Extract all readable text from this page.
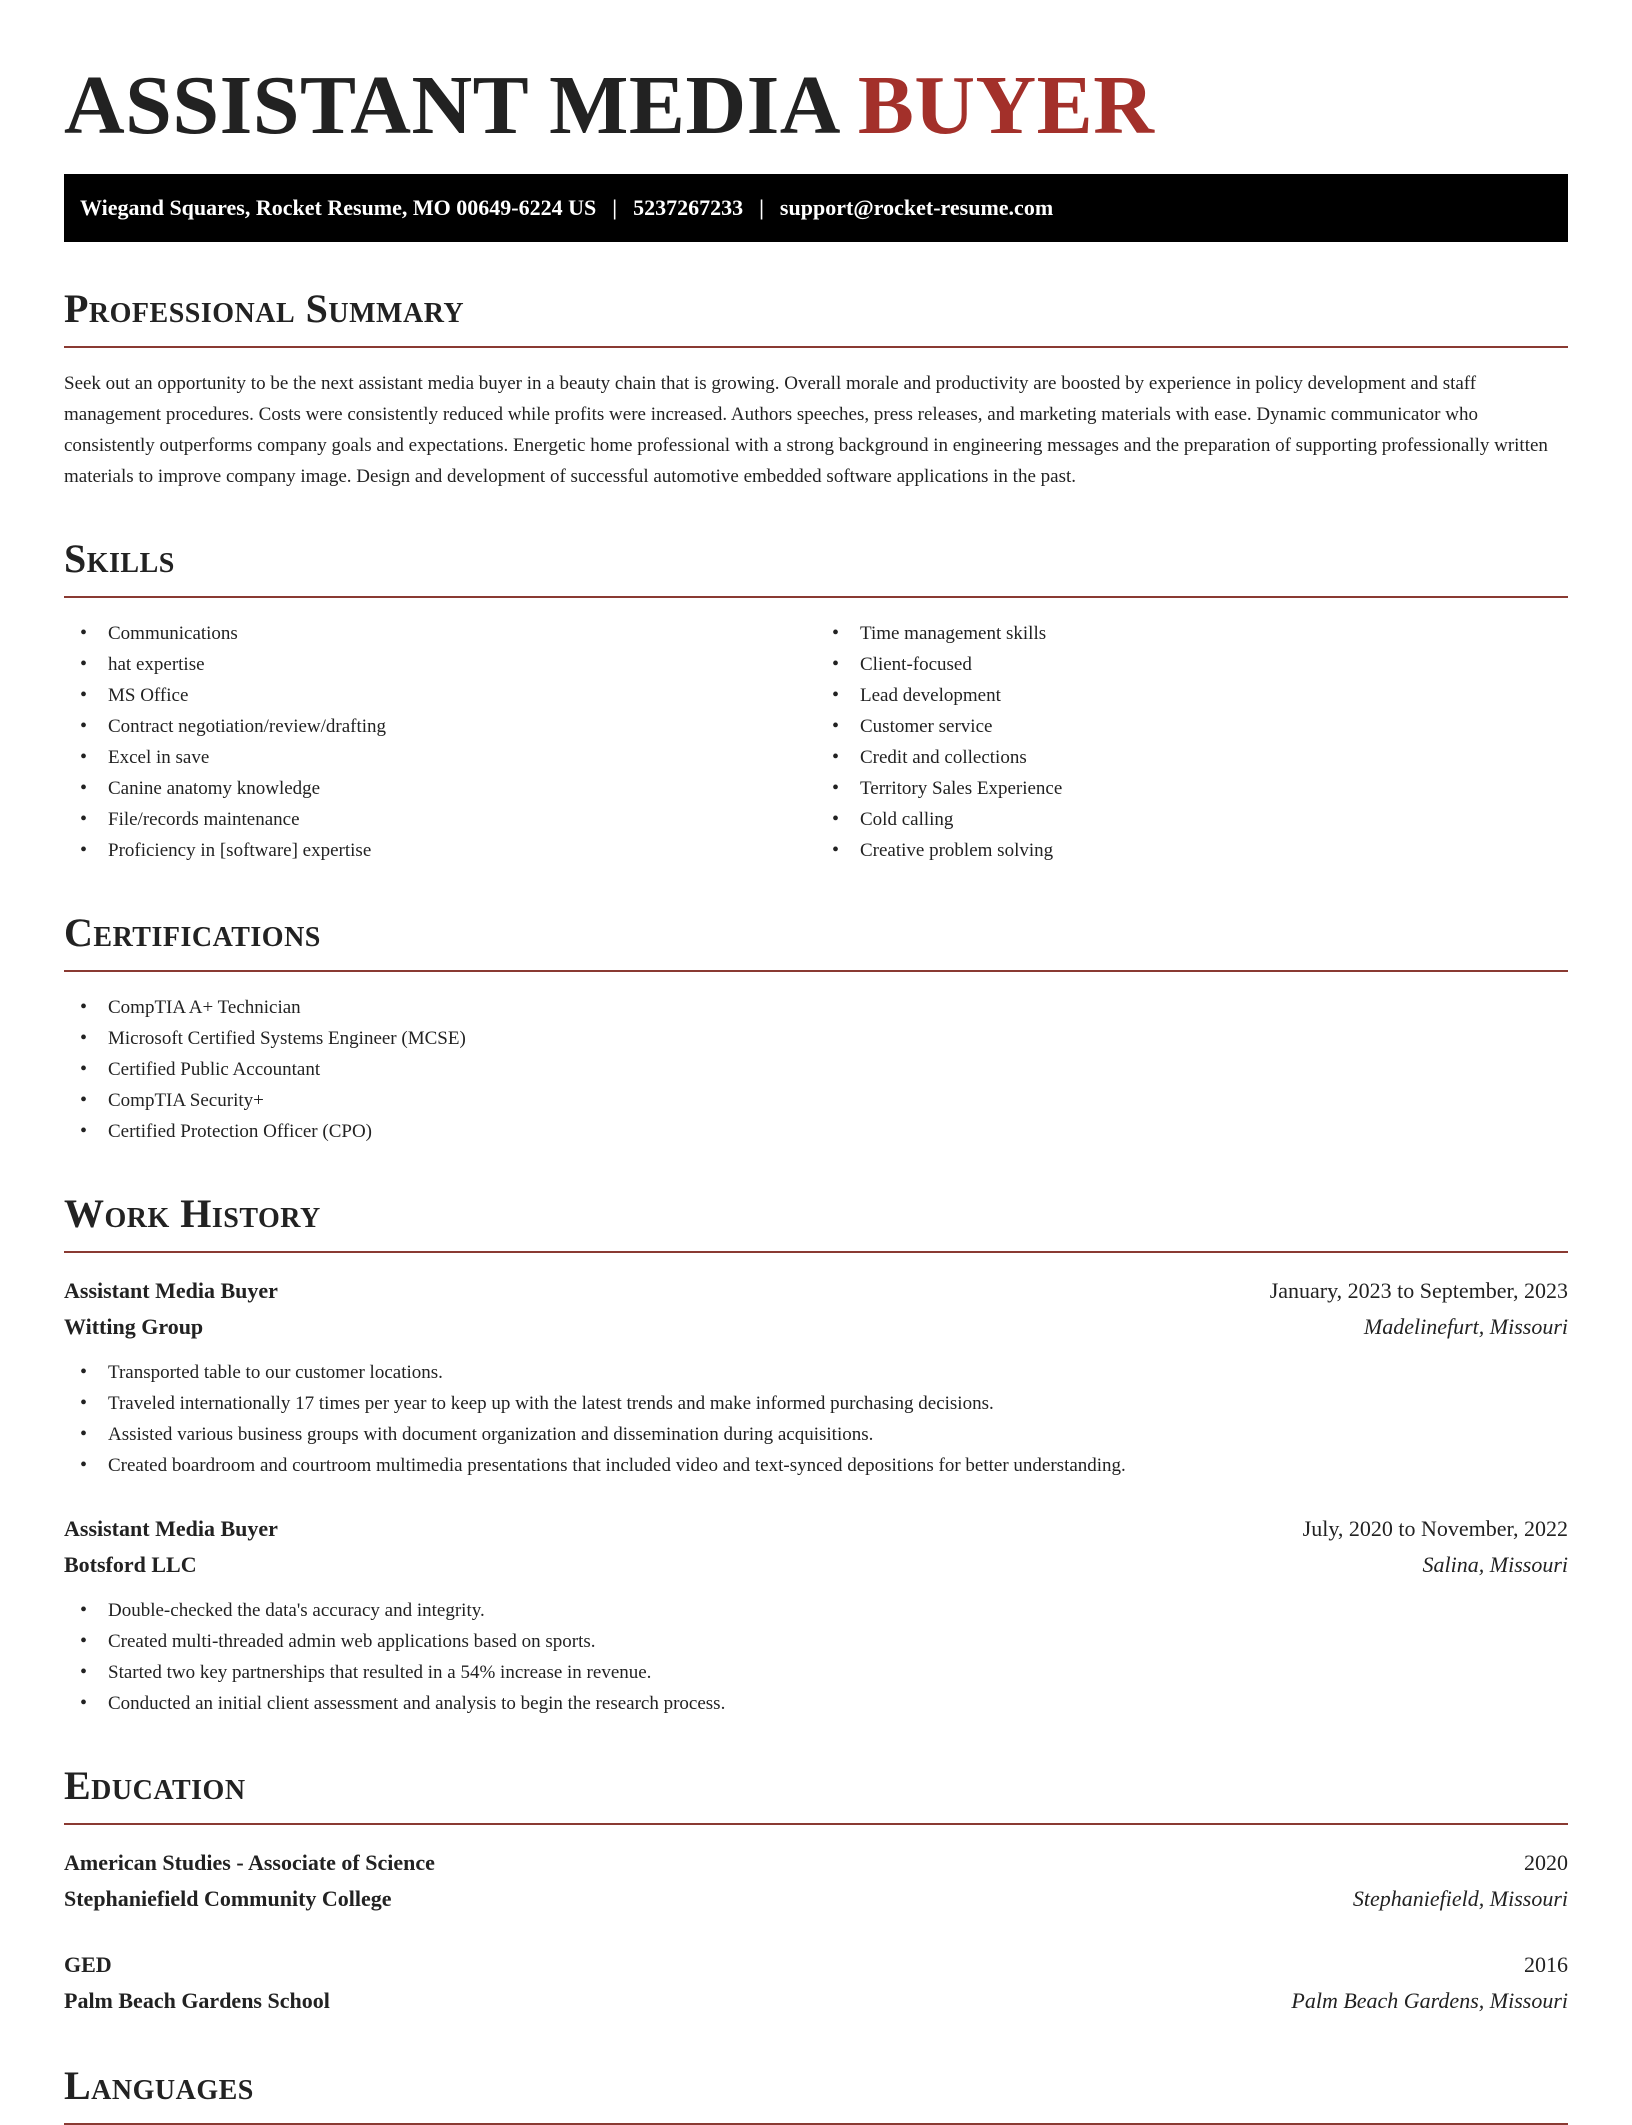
ASSISTANT MEDIA BUYER
Wiegand Squares, Rocket Resume, MO 00649-6224 US | 5237267233 | support@rocket-resume.com
Professional Summary

Seek out an opportunity to be the next assistant media buyer in a beauty chain that is growing. Overall morale and productivity are boosted by experience in policy development and staff management procedures. Costs were consistently reduced while profits were increased. Authors speeches, press releases, and marketing materials with ease. Dynamic communicator who consistently outperforms company goals and expectations. Energetic home professional with a strong background in engineering messages and the preparation of supporting professionally written materials to improve company image. Design and development of successful automotive embedded software applications in the past.

Skills
• Communications
• hat expertise
• MS Office
• Contract negotiation/review/drafting
• Excel in save
• Canine anatomy knowledge
• File/records maintenance
• Proficiency in [software] expertise
• Time management skills
• Client-focused
• Lead development
• Customer service
• Credit and collections
• Territory Sales Experience
• Cold calling
• Creative problem solving
Certifications
• CompTIA A+ Technician
• Microsoft Certified Systems Engineer (MCSE)
• Certified Public Accountant
• CompTIA Security+
• Certified Protection Officer (CPO)
Work History
Assistant Media Buyer	January, 2023 to September, 2023
Witting Group	Madelinefurt, Missouri
• Transported table to our customer locations.
• Traveled internationally 17 times per year to keep up with the latest trends and make informed purchasing decisions.
• Assisted various business groups with document organization and dissemination during acquisitions.
• Created boardroom and courtroom multimedia presentations that included video and text-synced depositions for better understanding.
Assistant Media Buyer	July, 2020 to November, 2022
Botsford LLC	Salina, Missouri
• Double-checked the data's accuracy and integrity.
• Created multi-threaded admin web applications based on sports.
• Started two key partnerships that resulted in a 54% increase in revenue.
• Conducted an initial client assessment and analysis to begin the research process.
Education
American Studies - Associate of Science	2020
Stephaniefield Community College	Stephaniefield, Missouri
GED	2016
Palm Beach Gardens School	Palm Beach Gardens, Missouri
Languages
